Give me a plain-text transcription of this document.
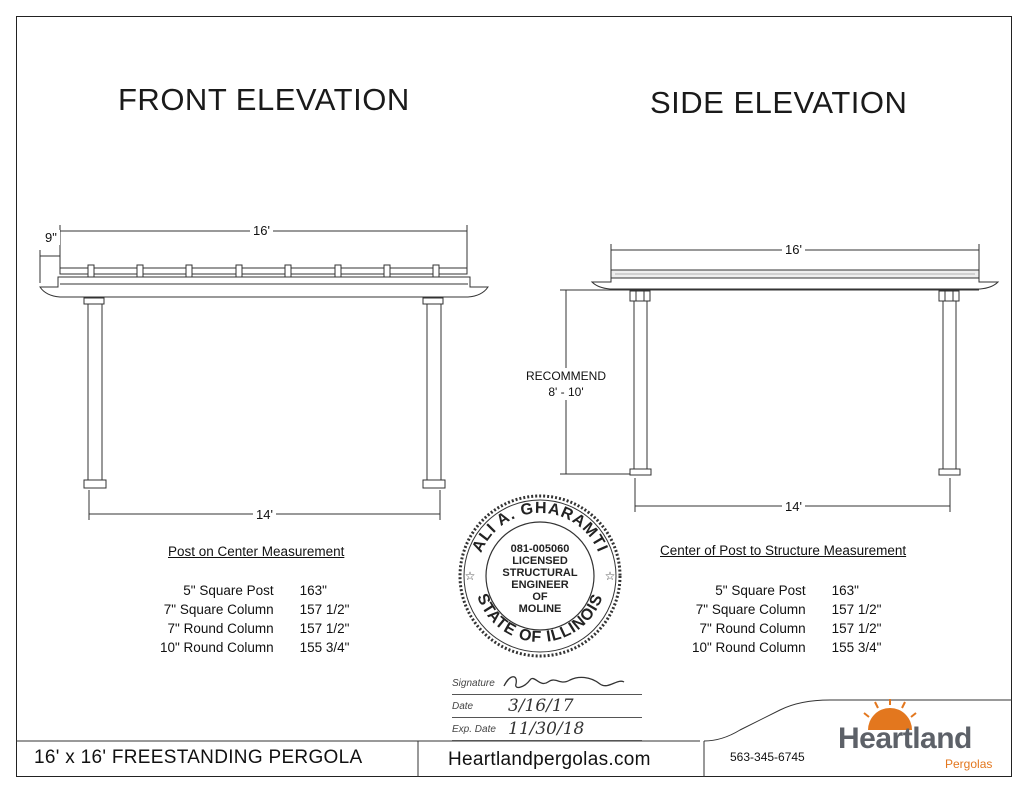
FRONT ELEVATION	SIDE ELEVATION
ALI A. GHARAMTI
STATE OF ILLINOIS
☆	☆
081-005060
LICENSED
STRUCTURAL
ENGINEER
OF
MOLINE
9"	16'
14'
16'
14'
RECOMMEND
8' - 10'
Post on Center Measurement
5" Square Post	163"
7" Square Column	157 1/2"
7" Round Column	157 1/2"
10" Round Column	155 3/4"
Center of Post to Structure Measurement
5" Square Post	163"
7" Square Column	157 1/2"
7" Round Column	157 1/2"
10" Round Column	155 3/4"
Signature
Date 3/16/17
Exp. Date 11/30/18
16' x 16' FREESTANDING PERGOLA	Heartlandpergolas.com	563-345-6745
Heartland
Pergolas
